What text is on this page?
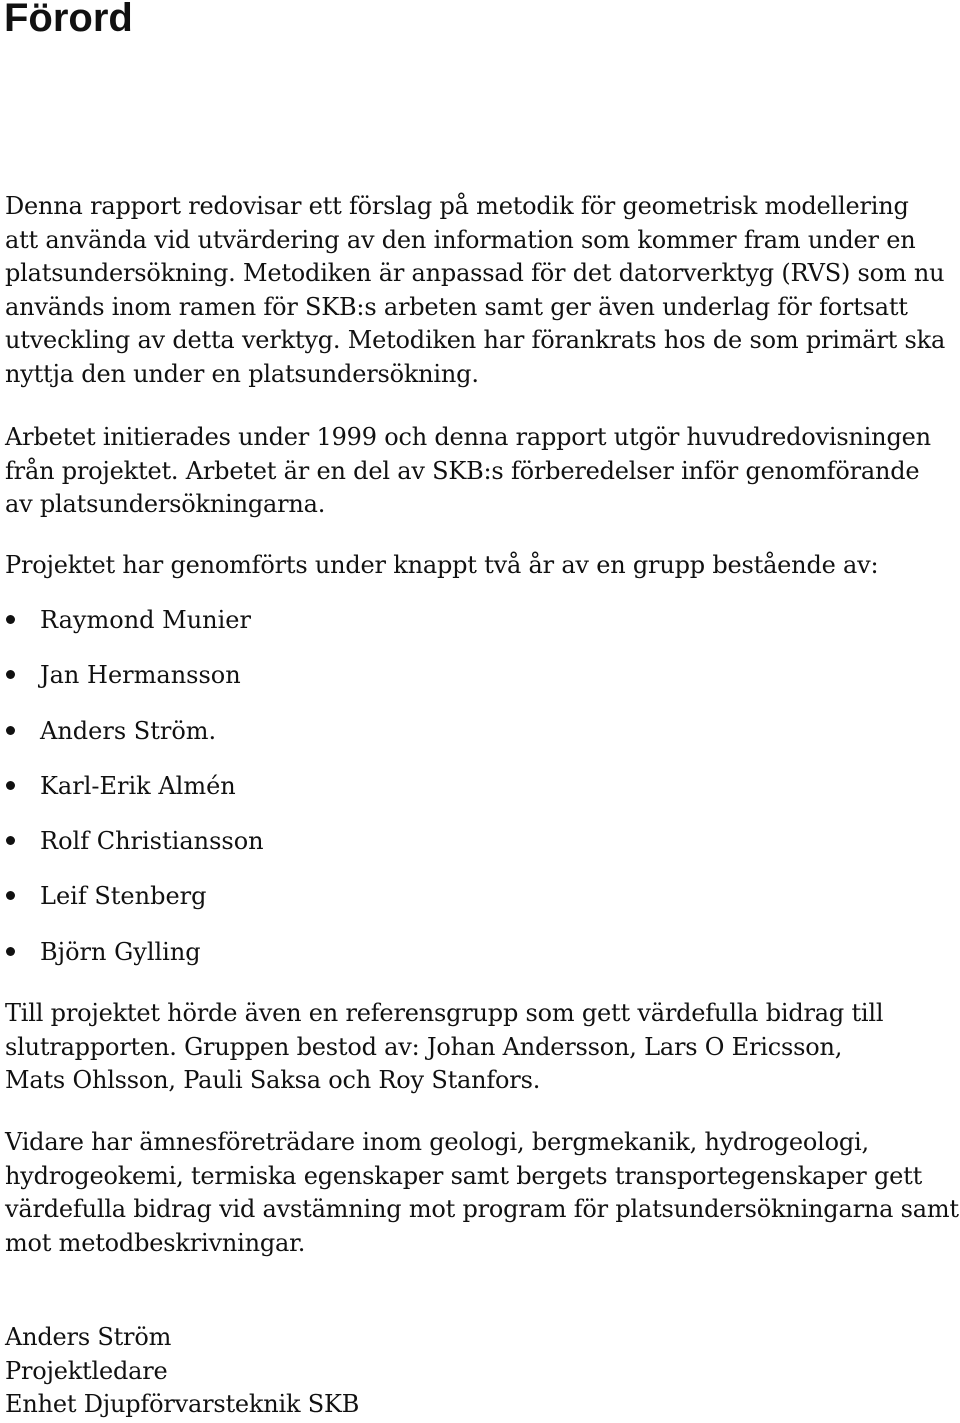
Förord

Denna rapport redovisar ett förslag på metodik för geometrisk modellering
att använda vid utvärdering av den information som kommer fram under en
platsundersökning. Metodiken är anpassad för det datorverktyg (RVS) som nu
används inom ramen för SKB:s arbeten samt ger även underlag för fortsatt
utveckling av detta verktyg. Metodiken har förankrats hos de som primärt ska
nyttja den under en platsundersökning.

Arbetet initierades under 1999 och denna rapport utgör huvudredovisningen
från projektet. Arbetet är en del av SKB:s förberedelser inför genomförande
av platsundersökningarna.

Projektet har genomförts under knappt två år av en grupp bestående av:

Raymond Munier
Jan Hermansson
Anders Ström.
Karl-Erik Almén
Rolf Christiansson
Leif Stenberg
Björn Gylling

Till projektet hörde även en referensgrupp som gett värdefulla bidrag till
slutrapporten. Gruppen bestod av: Johan Andersson, Lars O Ericsson,
Mats Ohlsson, Pauli Saksa och Roy Stanfors.

Vidare har ämnesföreträdare inom geologi, bergmekanik, hydrogeologi,
hydrogeokemi, termiska egenskaper samt bergets transportegenskaper gett
värdefulla bidrag vid avstämning mot program för platsundersökningarna samt
mot metodbeskrivningar.

Anders Ström
Projektledare
Enhet Djupförvarsteknik SKB
